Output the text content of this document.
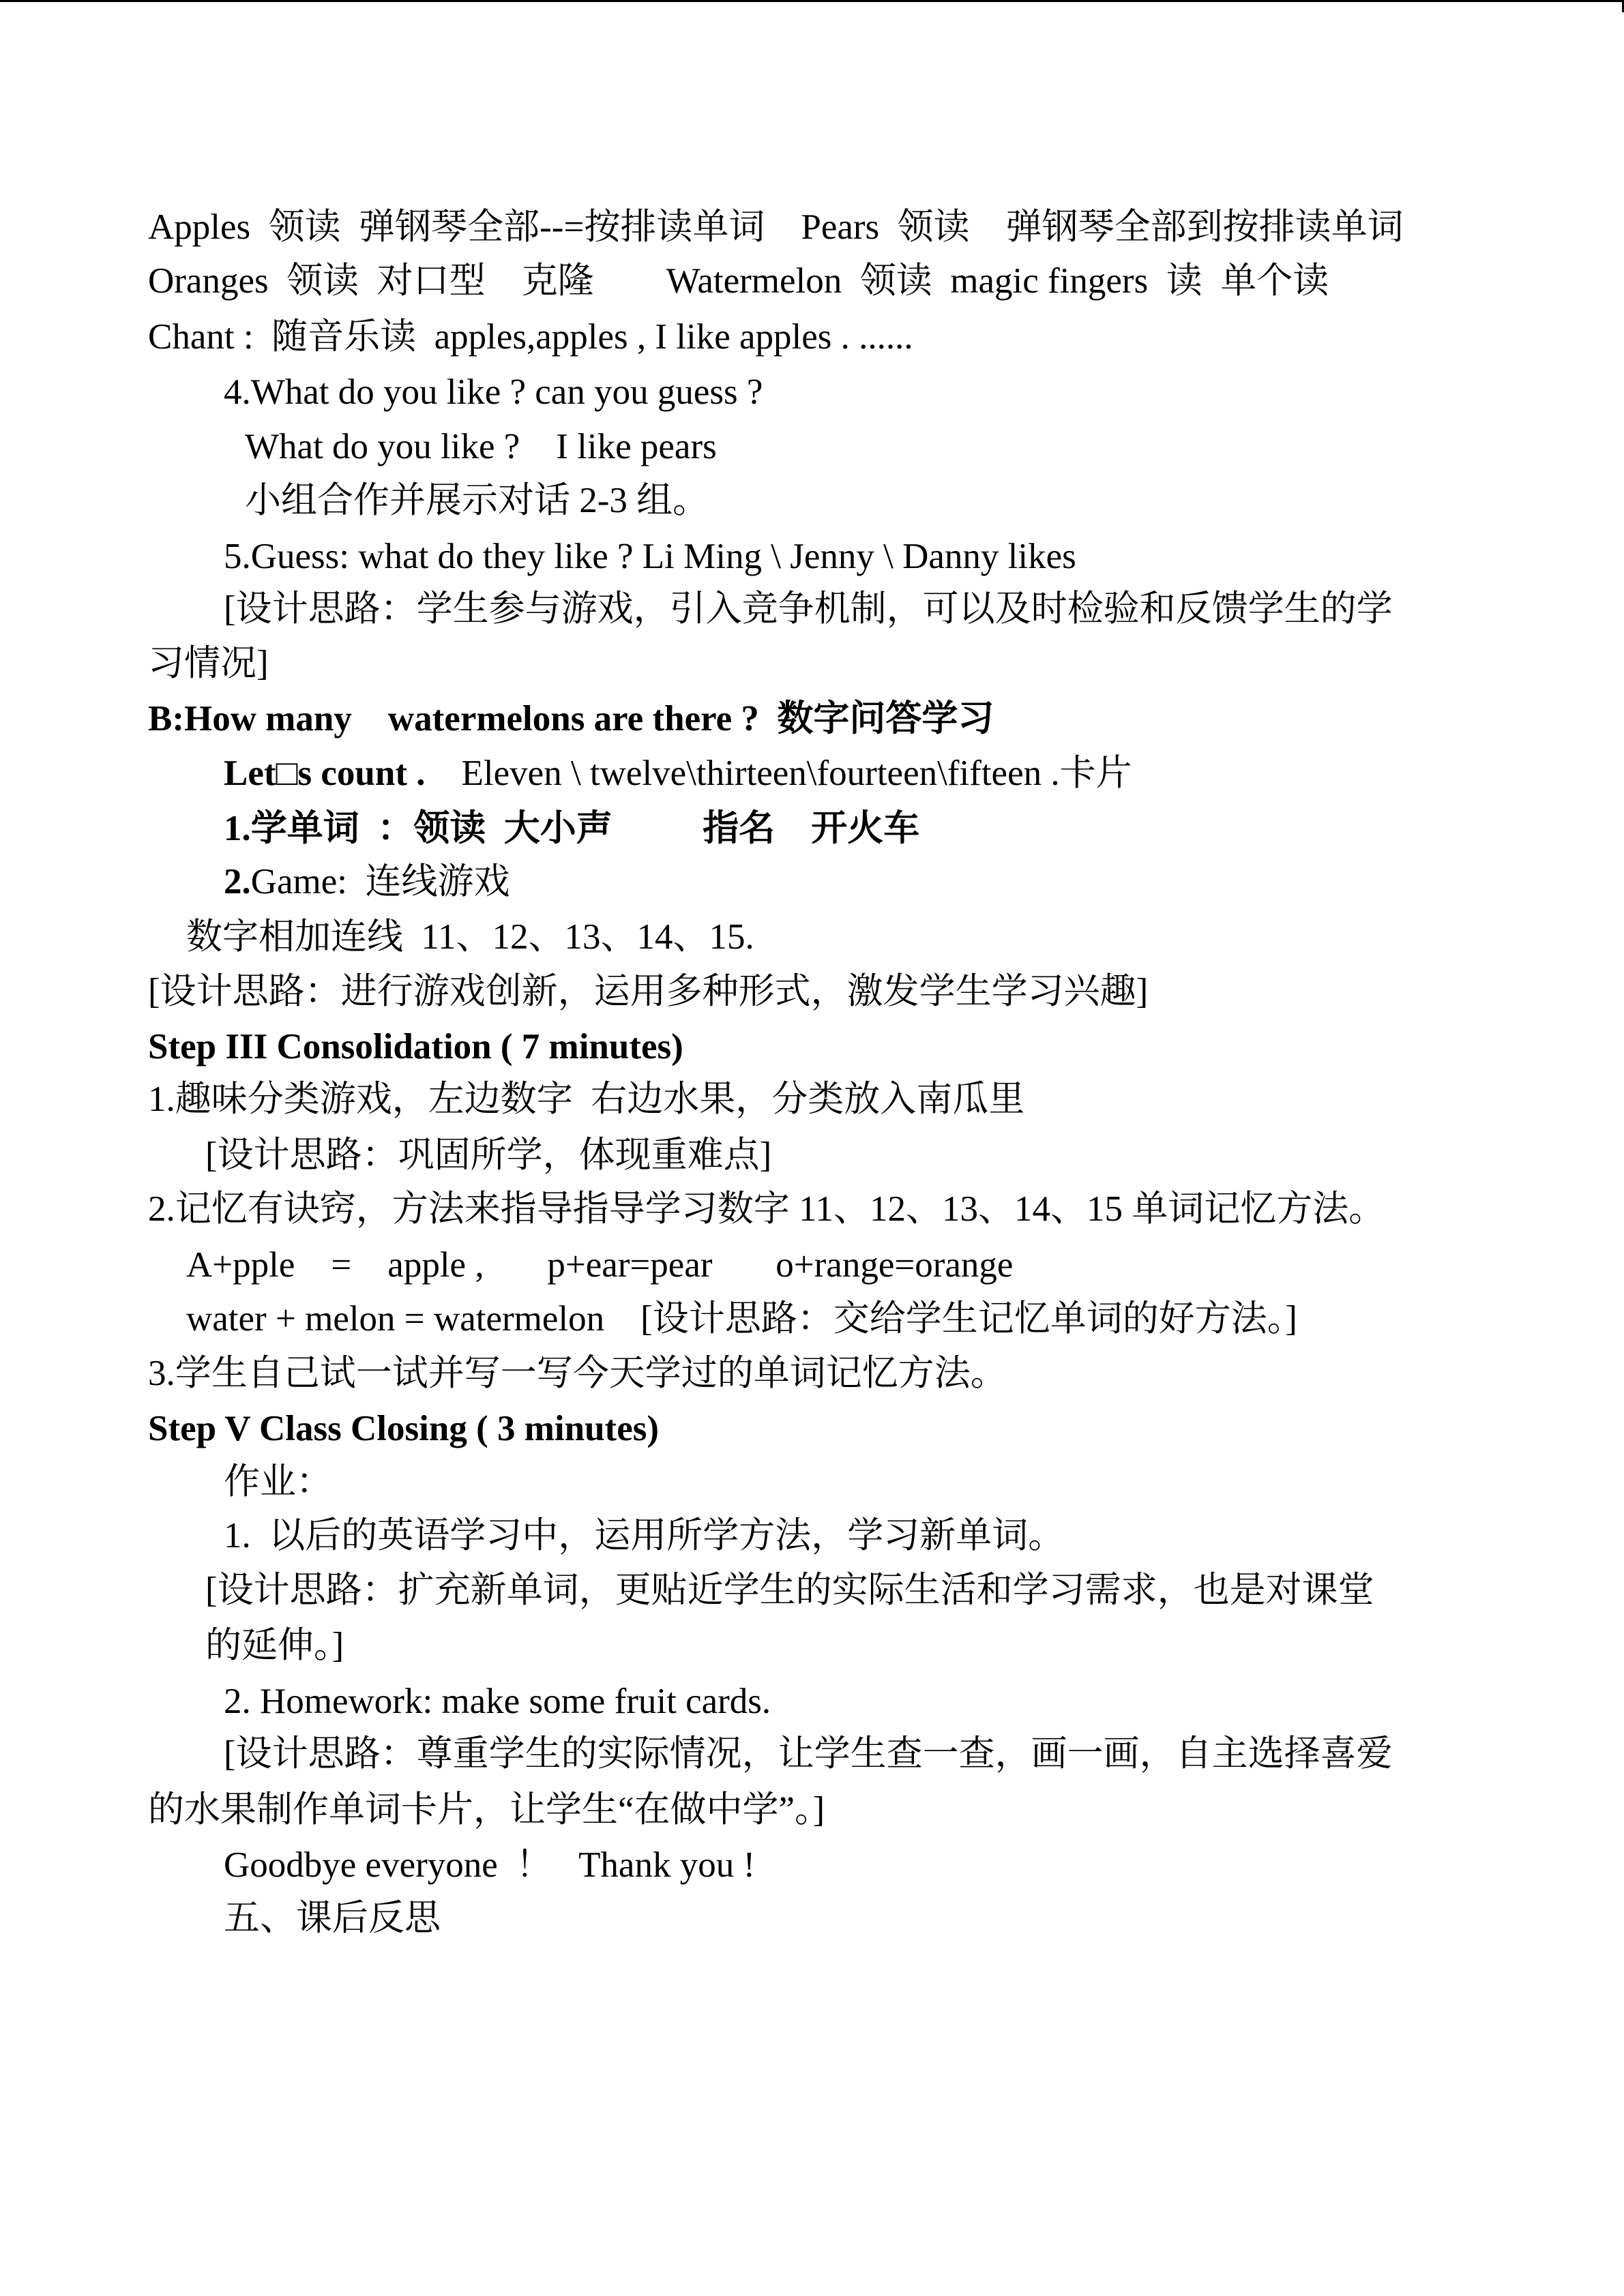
Apples  领读  弹钢琴全部--=按排读单词    Pears  领读    弹钢琴全部到按排读单词
Oranges  领读  对口型    克隆        Watermelon  领读  magic fingers  读  单个读
Chant :  随音乐读  apples,apples , I like apples . ......
4.What do you like ? can you guess ?
What do you like ?    I like pears
小组合作并展示对话 2-3 组。
5.Guess: what do they like ? Li Ming \ Jenny \ Danny likes
[设计思路：学生参与游戏，引入竞争机制，可以及时检验和反馈学生的学
习情况]
B:How many    watermelons are there ?  数字问答学习
Let□s count .    Eleven \ twelve\thirteen\fourteen\fifteen .卡片
1.学单词  ：领读  大小声          指名    开火车
2.Game:  连线游戏
数字相加连线  11、12、13、14、15.
[设计思路：进行游戏创新，运用多种形式，激发学生学习兴趣]
Step III Consolidation ( 7 minutes)
1.趣味分类游戏，左边数字  右边水果，分类放入南瓜里
[设计思路：巩固所学，体现重难点]
2.记忆有诀窍，方法来指导指导学习数字 11、12、13、14、15 单词记忆方法。
A+pple    =    apple ,       p+ear=pear       o+range=orange
water + melon = watermelon    [设计思路：交给学生记忆单词的好方法。]
3.学生自己试一试并写一写今天学过的单词记忆方法。
Step V Class Closing ( 3 minutes)
作业：
1.  以后的英语学习中，运用所学方法，学习新单词。
[设计思路：扩充新单词，更贴近学生的实际生活和学习需求，也是对课堂
的延伸。]
2. Homework: make some fruit cards.
[设计思路：尊重学生的实际情况，让学生查一查，画一画，自主选择喜爱
的水果制作单词卡片，让学生“在做中学”。]
Goodbye everyone  ！   Thank you !
五、课后反思
